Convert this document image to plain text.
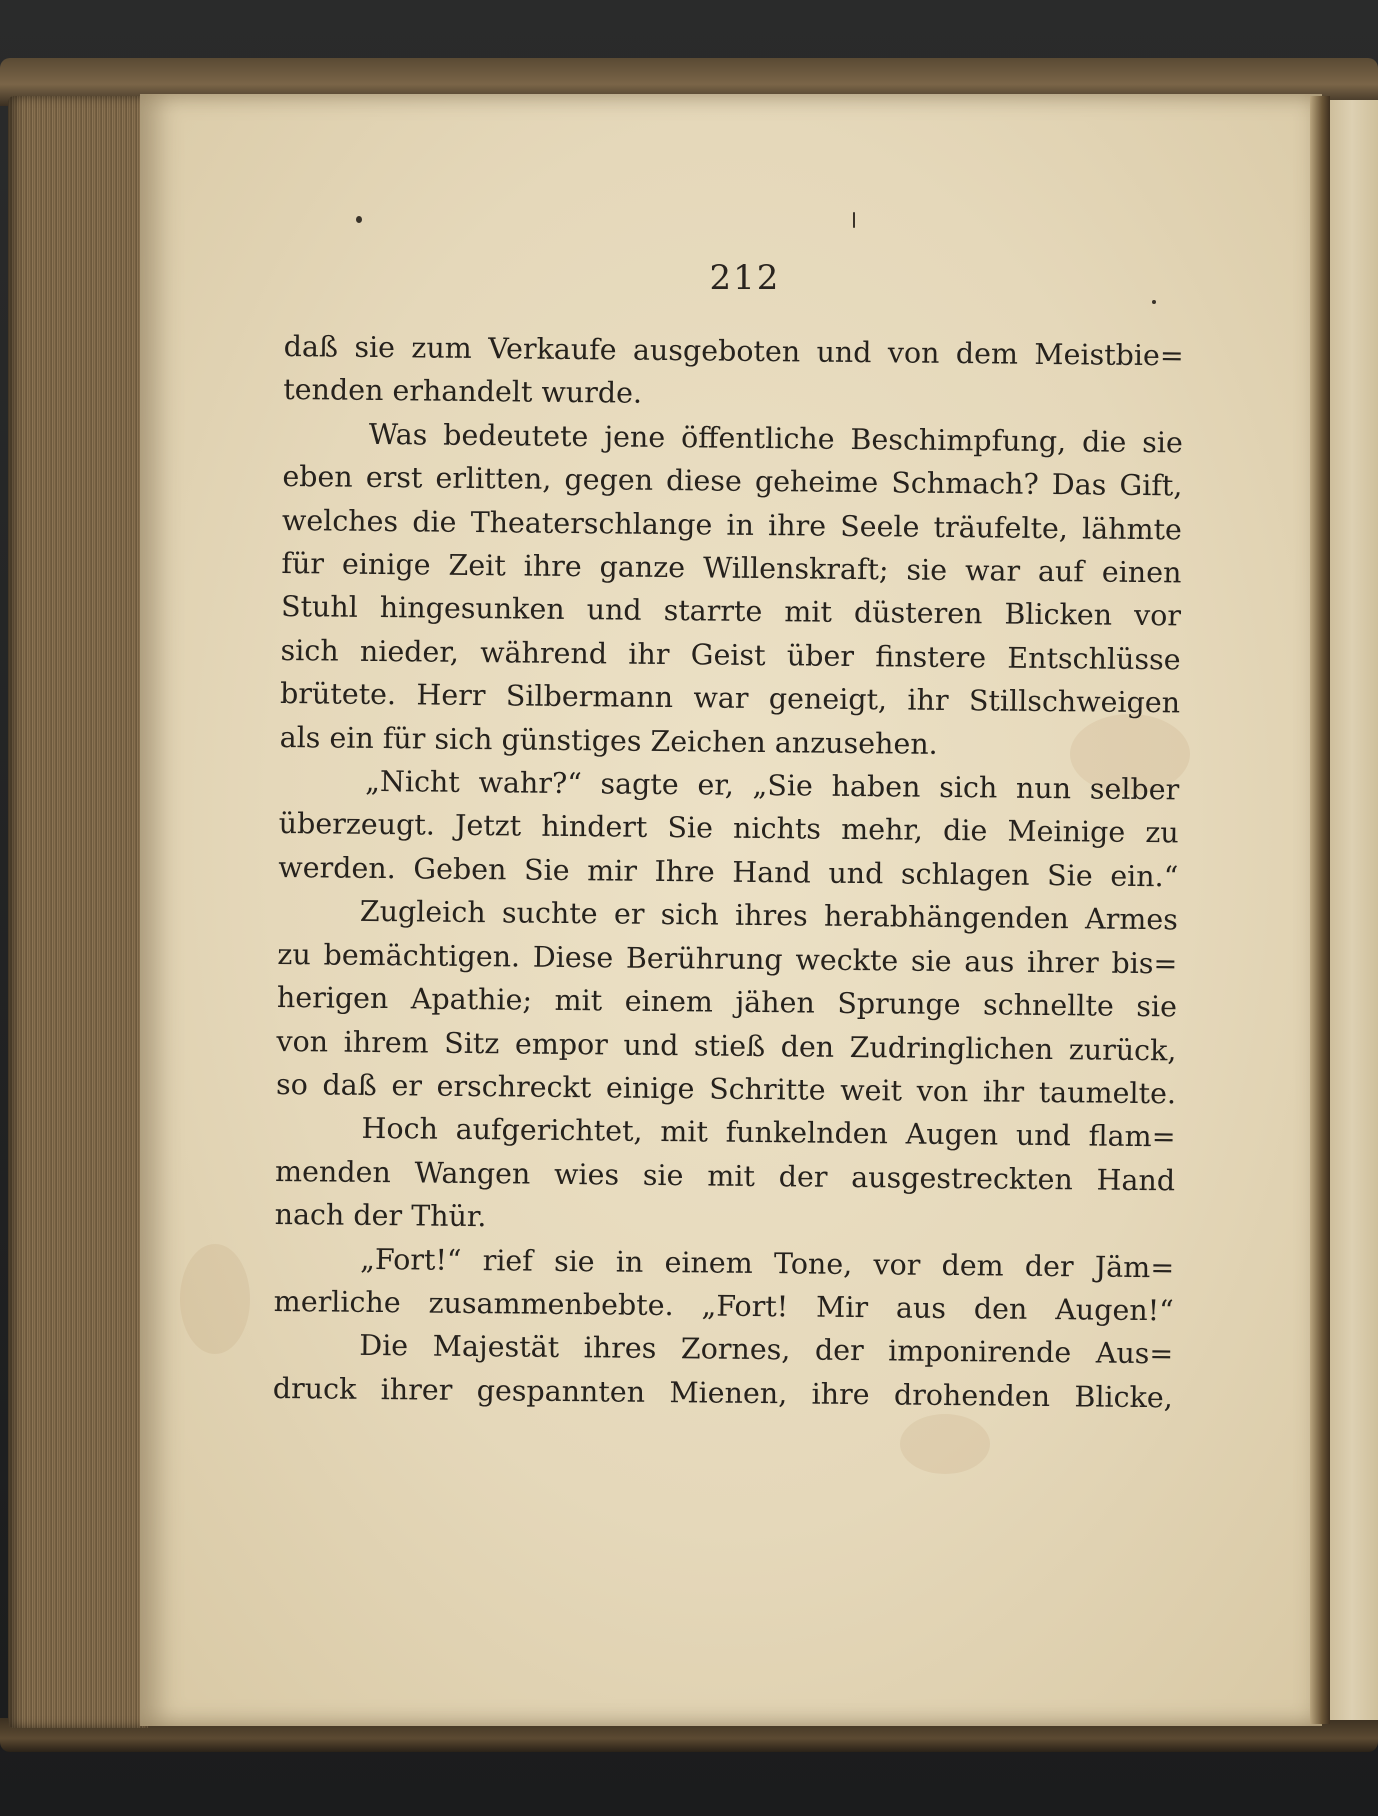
212
daß sie zum Verkaufe ausgeboten und von dem Meistbie=
tenden erhandelt wurde.
Was bedeutete jene öffentliche Beschimpfung, die sie
eben erst erlitten, gegen diese geheime Schmach? Das Gift,
welches die Theaterschlange in ihre Seele träufelte, lähmte
für einige Zeit ihre ganze Willenskraft; sie war auf einen
Stuhl hingesunken und starrte mit düsteren Blicken vor
sich nieder, während ihr Geist über finstere Entschlüsse
brütete. Herr Silbermann war geneigt, ihr Stillschweigen
als ein für sich günstiges Zeichen anzusehen.
„Nicht wahr?“ sagte er, „Sie haben sich nun selber
überzeugt. Jetzt hindert Sie nichts mehr, die Meinige zu
werden. Geben Sie mir Ihre Hand und schlagen Sie ein.“
Zugleich suchte er sich ihres herabhängenden Armes
zu bemächtigen. Diese Berührung weckte sie aus ihrer bis=
herigen Apathie; mit einem jähen Sprunge schnellte sie
von ihrem Sitz empor und stieß den Zudringlichen zurück,
so daß er erschreckt einige Schritte weit von ihr taumelte.
Hoch aufgerichtet, mit funkelnden Augen und flam=
menden Wangen wies sie mit der ausgestreckten Hand
nach der Thür.
„Fort!“ rief sie in einem Tone, vor dem der Jäm=
merliche zusammenbebte. „Fort! Mir aus den Augen!“
Die Majestät ihres Zornes, der imponirende Aus=
druck ihrer gespannten Mienen, ihre drohenden Blicke,
